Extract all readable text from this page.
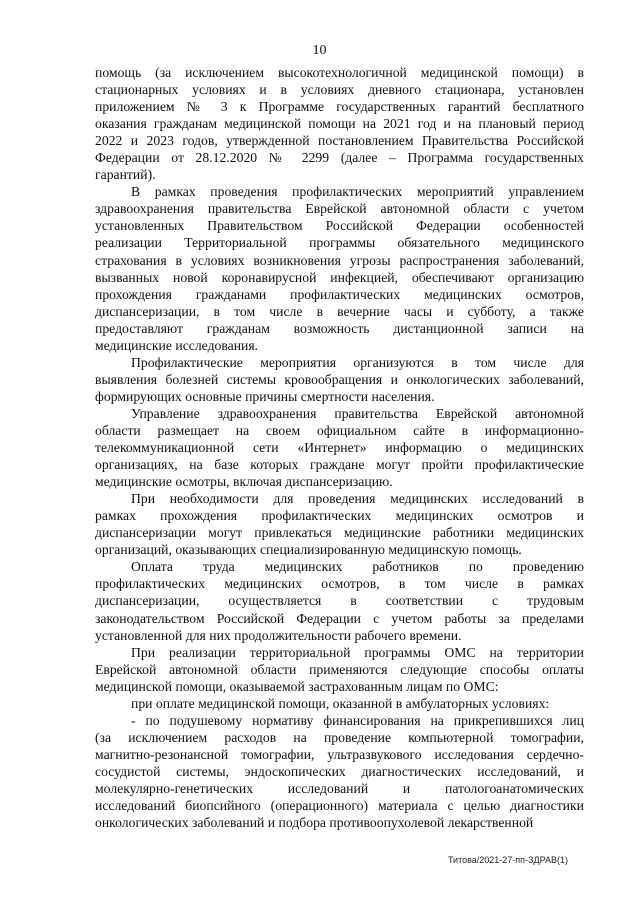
10

помощь (за исключением высокотехнологичной медицинской помощи) в
стационарных условиях и в условиях дневного стационара, установлен
приложением № 3 к Программе государственных гарантий бесплатного
оказания гражданам медицинской помощи на 2021 год и на плановый период
2022 и 2023 годов, утвержденной постановлением Правительства Российской
Федерации от 28.12.2020 № 2299 (далее – Программа государственных
гарантий).

В рамках проведения профилактических мероприятий управлением
здравоохранения правительства Еврейской автономной области с учетом
установленных Правительством Российской Федерации особенностей
реализации Территориальной программы обязательного медицинского
страхования в условиях возникновения угрозы распространения заболеваний,
вызванных новой коронавирусной инфекцией, обеспечивают организацию
прохождения гражданами профилактических медицинских осмотров,
диспансеризации, в том числе в вечерние часы и субботу, а также
предоставляют гражданам возможность дистанционной записи на
медицинские исследования.

Профилактические мероприятия организуются в том числе для
выявления болезней системы кровообращения и онкологических заболеваний,
формирующих основные причины смертности населения.

Управление здравоохранения правительства Еврейской автономной
области размещает на своем официальном сайте в информационно-
телекоммуникационной сети «Интернет» информацию о медицинских
организациях, на базе которых граждане могут пройти профилактические
медицинские осмотры, включая диспансеризацию.

При необходимости для проведения медицинских исследований в
рамках прохождения профилактических медицинских осмотров и
диспансеризации могут привлекаться медицинские работники медицинских
организаций, оказывающих специализированную медицинскую помощь.

Оплата труда медицинских работников по проведению
профилактических медицинских осмотров, в том числе в рамках
диспансеризации, осуществляется в соответствии с трудовым
законодательством Российской Федерации с учетом работы за пределами
установленной для них продолжительности рабочего времени.

При реализации территориальной программы ОМС на территории
Еврейской автономной области применяются следующие способы оплаты
медицинской помощи, оказываемой застрахованным лицам по ОМС:

при оплате медицинской помощи, оказанной в амбулаторных условиях:

- по подушевому нормативу финансирования на прикрепившихся лиц
(за исключением расходов на проведение компьютерной томографии,
магнитно-резонансной томографии, ультразвукового исследования сердечно-
сосудистой системы, эндоскопических диагностических исследований, и
молекулярно-генетических исследований и патологоанатомических
исследований биопсийного (операционного) материала с целью диагностики
онкологических заболеваний и подбора противоопухолевой лекарственной

Титова/2021-27-пп-ЗДРАВ(1)
